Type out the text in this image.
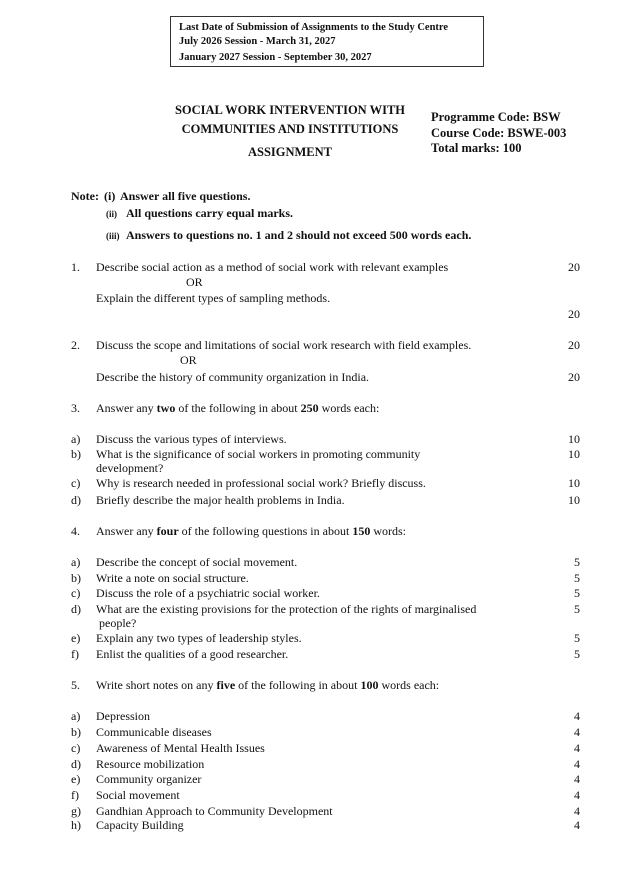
Last Date of Submission of Assignments to the Study Centre
July 2026 Session - March 31, 2027
January 2027 Session - September 30, 2027
SOCIAL WORK INTERVENTION WITH
COMMUNITIES AND INSTITUTIONS
ASSIGNMENT
Programme Code: BSW
Course Code: BSWE-003
Total marks: 100
Note: (i) Answer all five questions.
(ii) All questions carry equal marks.
(iii) Answers to questions no. 1 and 2 should not exceed 500 words each.
1. Describe social action as a method of social work with relevant examples	20
OR
Explain the different types of sampling methods.
20
2. Discuss the scope and limitations of social work research with field examples.	20
OR
Describe the history of community organization in India.	20
3. Answer any two of the following in about 250 words each:
a) Discuss the various types of interviews.	10
b) What is the significance of social workers in promoting community
development?
10
c) Why is research needed in professional social work? Briefly discuss.	10
d) Briefly describe the major health problems in India.	10
4. Answer any four of the following questions in about 150 words:
a) Describe the concept of social movement.	5
b) Write a note on social structure.	5
c) Discuss the role of a psychiatric social worker.	5
d) What are the existing provisions for the protection of the rights of marginalised
people?
5
e) Explain any two types of leadership styles.	5
f) Enlist the qualities of a good researcher.	5
5. Write short notes on any five of the following in about 100 words each:
a) Depression	4
b) Communicable diseases	4
c) Awareness of Mental Health Issues	4
d) Resource mobilization	4
e) Community organizer	4
f) Social movement	4
g) Gandhian Approach to Community Development	4
h) Capacity Building	4
